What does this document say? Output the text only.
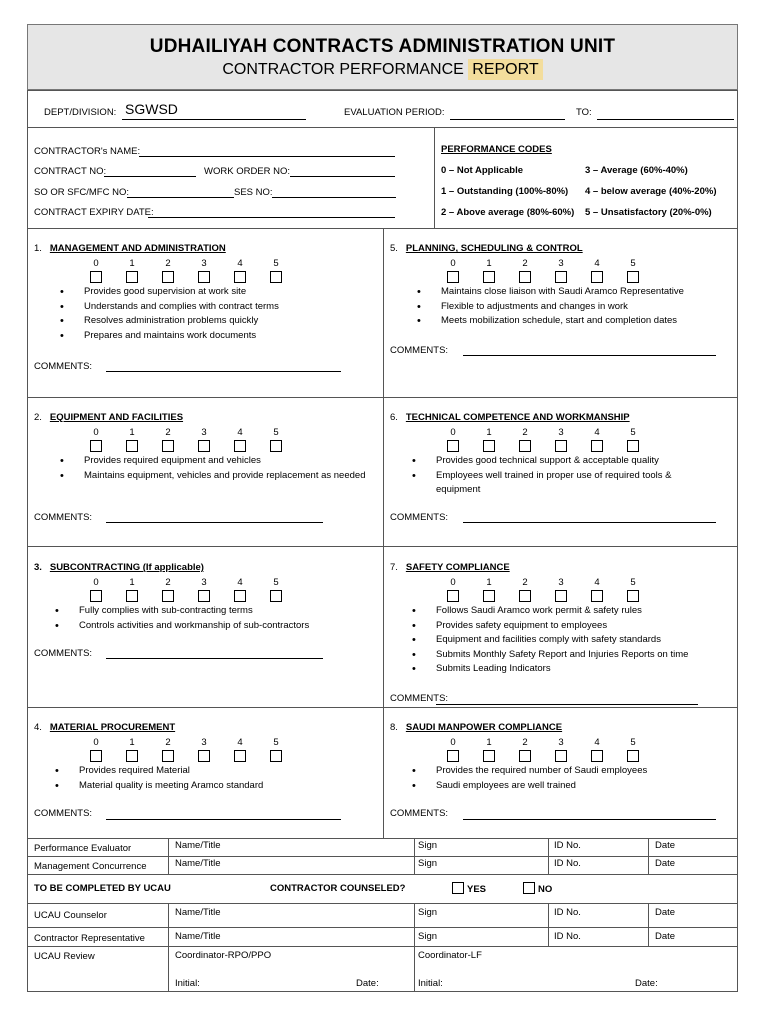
UDHAILIYAH CONTRACTS ADMINISTRATION UNIT
CONTRACTOR PERFORMANCE REPORT
DEPT/DIVISION: SGWSD	EVALUATION PERIOD:	TO:
CONTRACTOR's NAME:
CONTRACT NO:	WORK ORDER NO:
SO OR SFC/MFC NO:	SES NO:
CONTRACT EXPIRY DATE:
PERFORMANCE CODES
0 – Not Applicable	3 – Average (60%-40%)
1 – Outstanding (100%-80%) 4 – below average (40%-20%)
2 – Above average (80%-60%) 5 – Unsatisfactory (20%-0%)
1. MANAGEMENT AND ADMINISTRATION
0	1	2	3	4	5
• Provides good supervision at work site
• Understands and complies with contract terms
• Resolves administration problems quickly
• Prepares and maintains work documents
COMMENTS:
5. PLANNING, SCHEDULING & CONTROL
0	1	2	3	4	5
• Maintains close liaison with Saudi Aramco Representative
• Flexible to adjustments and changes in work
• Meets mobilization schedule, start and completion dates
COMMENTS:
2. EQUIPMENT AND FACILITIES
0	1	2	3	4	5
• Provides required equipment and vehicles
• Maintains equipment, vehicles and provide replacement as needed
COMMENTS:
6. TECHNICAL COMPETENCE AND WORKMANSHIP
0	1	2	3	4	5
• Provides good technical support & acceptable quality
• Employees well trained in proper use of required tools & equipment
COMMENTS:
3. SUBCONTRACTING (If applicable)
0	1	2	3	4	5
• Fully complies with sub-contracting terms
• Controls activities and workmanship of sub-contractors
COMMENTS:
7. SAFETY COMPLIANCE
0	1	2	3	4	5
• Follows Saudi Aramco work permit & safety rules
• Provides safety equipment to employees
• Equipment and facilities comply with safety standards
• Submits Monthly Safety Report and Injuries Reports on time
• Submits Leading Indicators
COMMENTS:
4. MATERIAL PROCUREMENT
0	1	2	3	4	5
• Provides required Material
• Material quality is meeting Aramco standard
COMMENTS:
8. SAUDI MANPOWER COMPLIANCE
0	1	2	3	4	5
• Provides the required number of Saudi employees
• Saudi employees are well trained
COMMENTS:
Performance Evaluator	Name/Title	Sign	ID No.	Date
Management Concurrence	Name/Title	Sign	ID No.	Date
TO BE COMPLETED BY UCAU	CONTRACTOR COUNSELED?	YES	NO
UCAU Counselor	Name/Title	Sign	ID No.	Date
Contractor Representative	Name/Title	Sign	ID No.	Date
UCAU Review	Coordinator-RPO/PPO	Coordinator-LF
Initial:	Date:	Initial:	Date:
